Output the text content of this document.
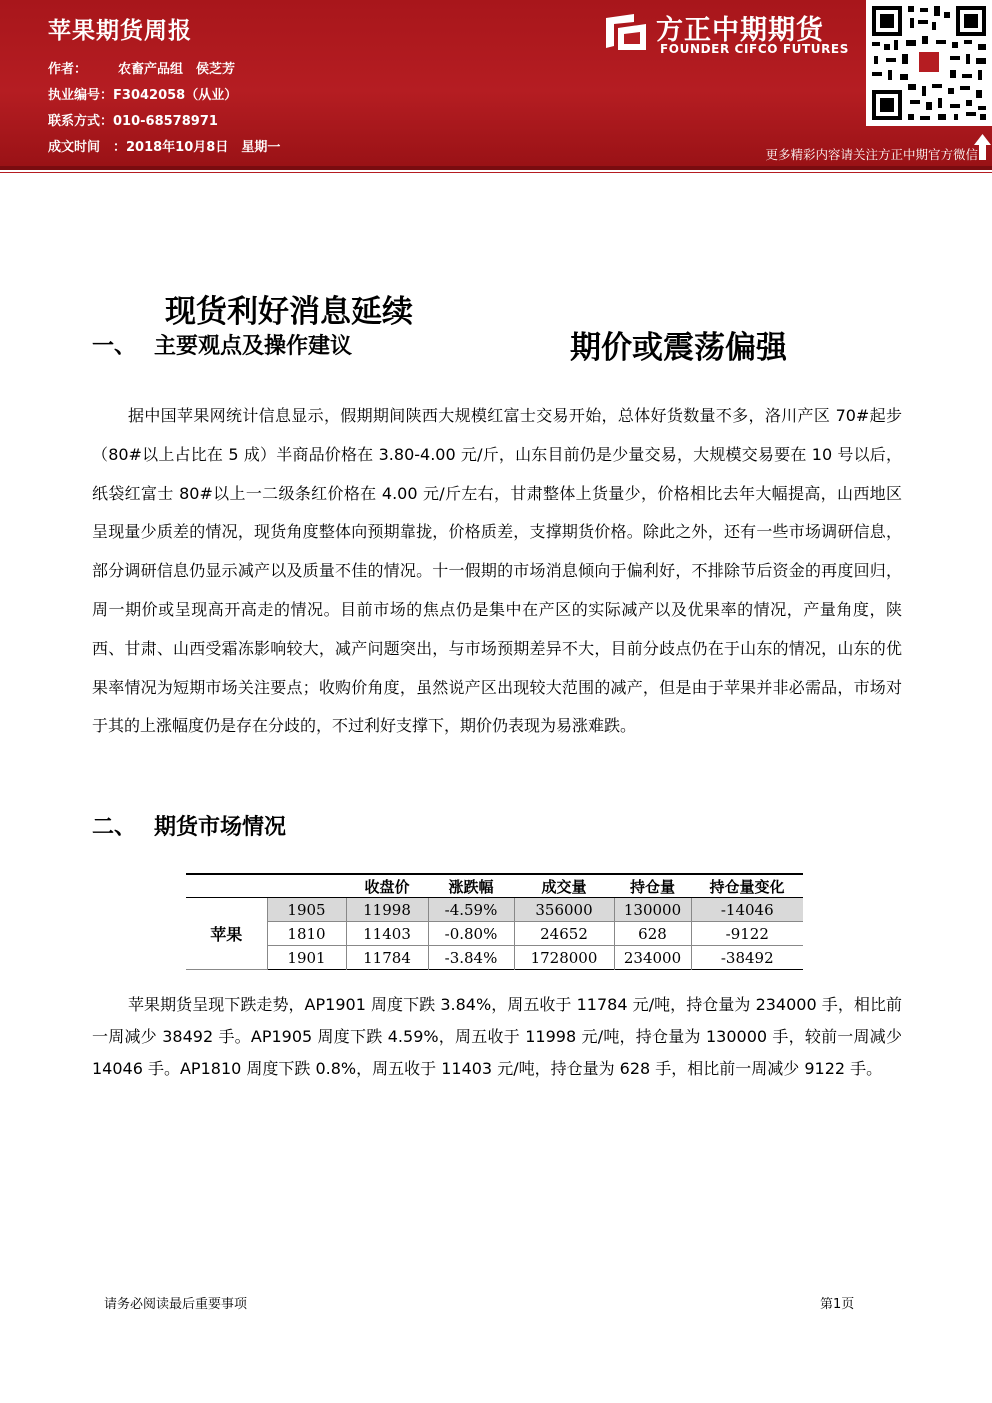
苹果期货周报
作者： 农畜产品组　侯芝芳
执业编号：F3042058（从业）
联系方式：010-68578971
成文时间 ：2018年10月8日　星期一
方正中期期货
FOUNDER CIFCO FUTURES
更多精彩内容请关注方正中期官方微信

现货利好消息延续

期价或震荡偏强

一、 主要观点及操作建议
据中国苹果网统计信息显示，假期期间陕西大规模红富士交易开始，总体好货数量不多，洛川产区 70#起步（80#以上占比在 5 成）半商品价格在 3.80-4.00 元/斤，山东目前仍是少量交易，大规模交易要在 10 号以后，纸袋红富士 80#以上一二级条红价格在 4.00 元/斤左右，甘肃整体上货量少，价格相比去年大幅提高，山西地区呈现量少质差的情况，现货角度整体向预期靠拢，价格质差，支撑期货价格。除此之外，还有一些市场调研信息，部分调研信息仍显示减产以及质量不佳的情况。十一假期的市场消息倾向于偏利好，不排除节后资金的再度回归，周一期价或呈现高开高走的情况。目前市场的焦点仍是集中在产区的实际减产以及优果率的情况，产量角度，陕西、甘肃、山西受霜冻影响较大，减产问题突出，与市场预期差异不大，目前分歧点仍在于山东的情况，山东的优果率情况为短期市场关注要点；收购价角度，虽然说产区出现较大范围的减产，但是由于苹果并非必需品，市场对于其的上涨幅度仍是存在分歧的，不过利好支撑下，期价仍表现为易涨难跌。
二、 期货市场情况
		收盘价	涨跌幅	成交量	持仓量	持仓量变化
苹果	1905	11998	-4.59%	356000	130000	-14046
	1810	11403	-0.80%	24652	628	-9122
	1901	11784	-3.84%	1728000	234000	-38492
苹果期货呈现下跌走势，AP1901 周度下跌 3.84%，周五收于 11784 元/吨，持仓量为 234000 手，相比前一周减少 38492 手。AP1905 周度下跌 4.59%，周五收于 11998 元/吨，持仓量为 130000 手，较前一周减少 14046 手。AP1810 周度下跌 0.8%，周五收于 11403 元/吨，持仓量为 628 手，相比前一周减少 9122 手。
请务必阅读最后重要事项	第1页
